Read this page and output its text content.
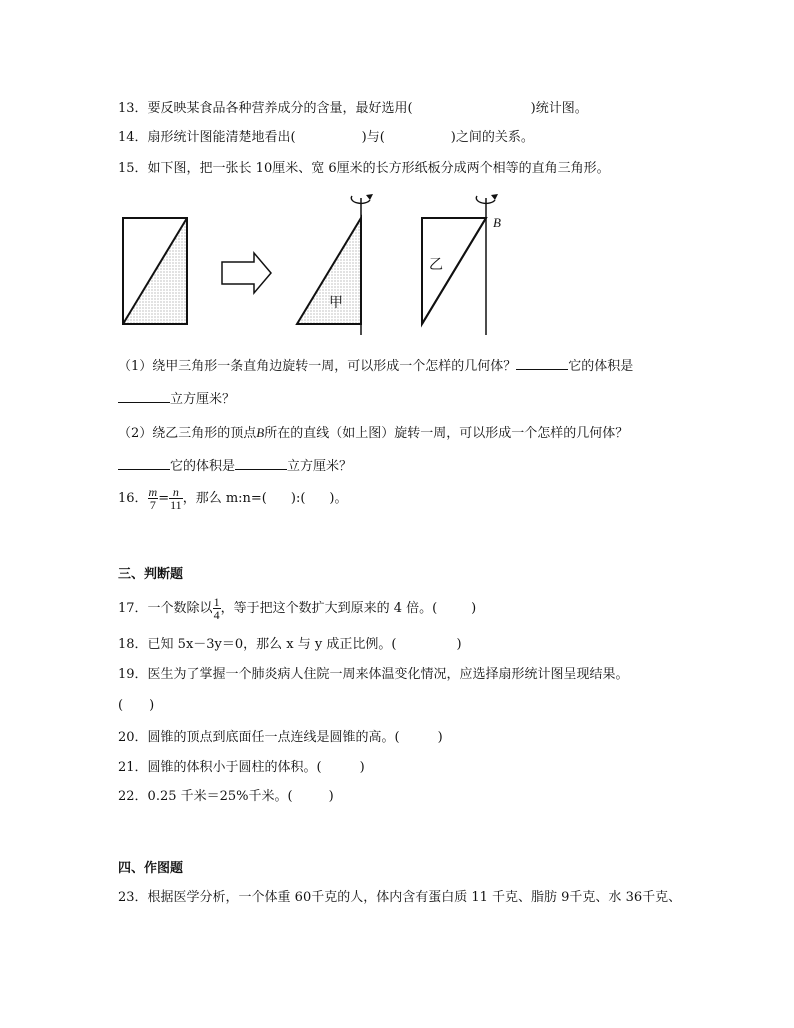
13．要反映某食品各种营养成分的含量，最好选用(	)统计图。
14．扇形统计图能清楚地看出(	)与(	)之间的关系。
15．如下图，把一张长 10厘米、宽 6厘米的长方形纸板分成两个相等的直角三角形。
甲
乙
B
（1）绕甲三角形一条直角边旋转一周，可以形成一个怎样的几何体？	它的体积是
立方厘米？
（2）绕乙三角形的顶点B所在的直线（如上图）旋转一周，可以形成一个怎样的几何体？
它的体积是	立方厘米？
16． $\frac{m}{7} = \frac{n}{11}$ ，那么 m:n=( ):( )。
三、判断题
17．一个数除以 $\frac{1}{4}$ ，等于把这个数扩大到原来的 4 倍。(	)
18．已知 5x－3y＝0，那么 x 与 y 成正比例。(	)
19．医生为了掌握一个肺炎病人住院一周来体温变化情况，应选择扇形统计图呈现结果。
( )
20．圆锥的顶点到底面任一点连线是圆锥的高。(	)
21．圆锥的体积小于圆柱的体积。(	)
22．0.25 千米＝25%千米。(	)
四、作图题
23．根据医学分析，一个体重 60千克的人，体内含有蛋白质 11 千克、脂肪 9千克、水 36千克、
